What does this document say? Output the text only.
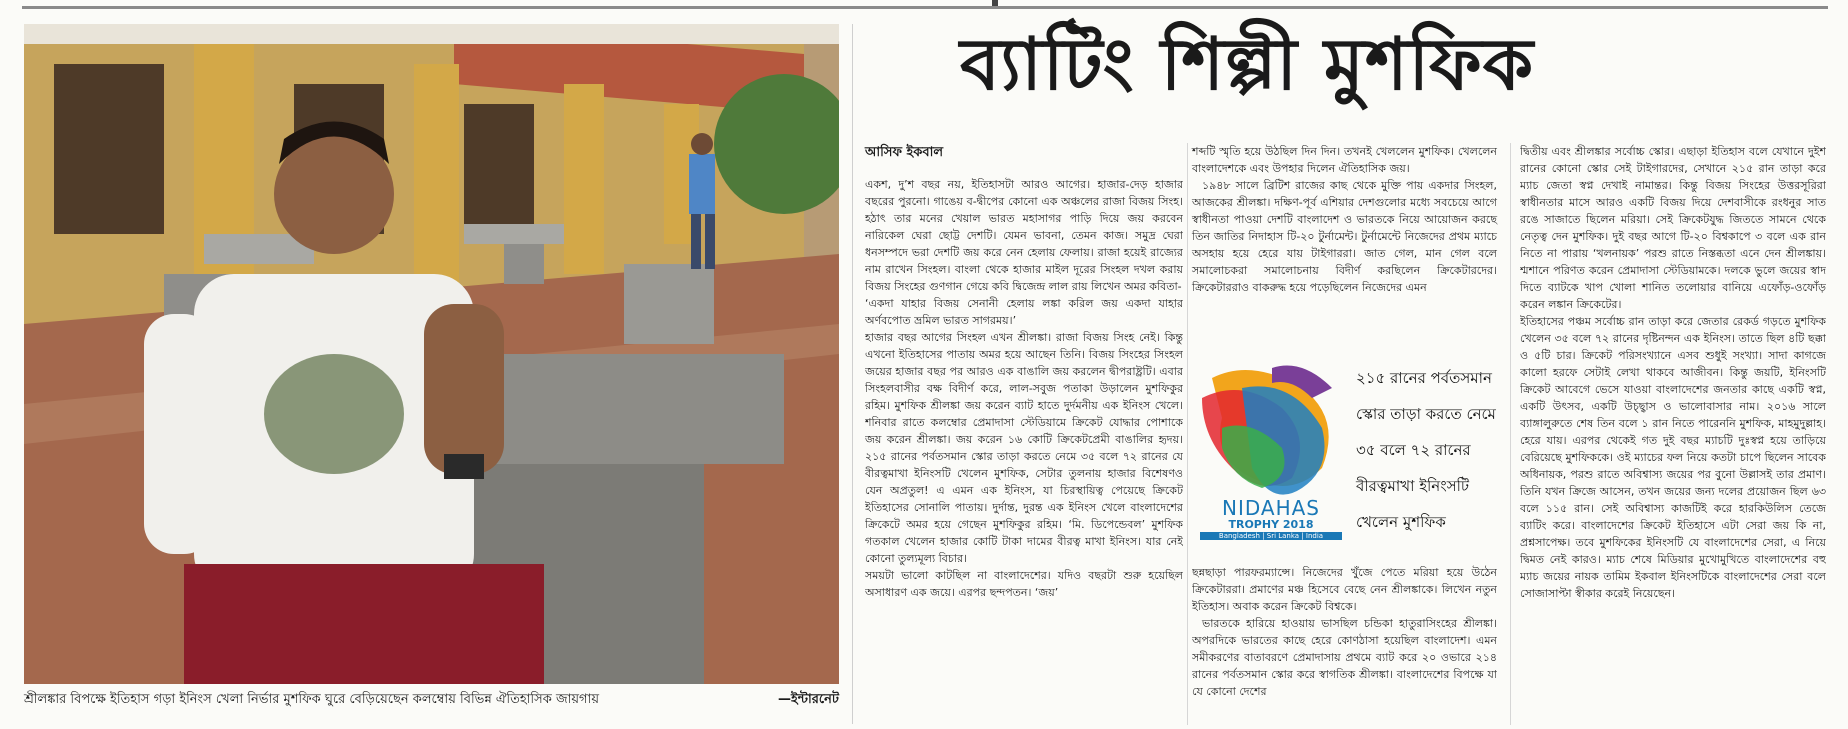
শ্রীলঙ্কার বিপক্ষে ইতিহাস গড়া ইনিংস খেলা নির্ভার মুশফিক ঘুরে বেড়িয়েছেন কলম্বোয় বিভিন্ন ঐতিহাসিক জায়গায়	—ইন্টারনেট
ব্যাটিং শিল্পী মুশফিক
আসিফ ইকবাল

একশ, দু’শ বছর নয়, ইতিহাসটা আরও আগের। হাজার-দেড় হাজার বছরের পুরনো। গাঙেয় ব-দ্বীপের কোনো এক অঞ্চলের রাজা বিজয় সিংহ। হঠাৎ তার মনের খেয়াল ভারত মহাসাগর পাড়ি দিয়ে জয় করবেন নারিকেল ঘেরা ছোট্ট দেশটি। যেমন ভাবনা, তেমন কাজ। সমুদ্র ঘেরা ধনসম্পদে ভরা দেশটি জয় করে নেন হেলায় ফেলায়। রাজা হয়েই রাজ্যের নাম রাখেন সিংহল। বাংলা থেকে হাজার মাইল দূরের সিংহল দখল করায় বিজয় সিংহের গুণগান গেয়ে কবি দ্বিজেন্দ্র লাল রায় লিখেন অমর কবিতা-

‘একদা যাহার বিজয় সেনানী হেলায় লঙ্কা করিল জয় একদা যাহার অর্ণবপোত ভ্রমিল ভারত সাগরময়।’

হাজার বছর আগের সিংহল এখন শ্রীলঙ্কা। রাজা বিজয় সিংহ নেই। কিন্তু এখনো ইতিহাসের পাতায় অমর হয়ে আছেন তিনি। বিজয় সিংহের সিংহল জয়ের হাজার বছর পর আরও এক বাঙালি জয় করলেন দ্বীপরাষ্ট্রটি। এবার সিংহলবাসীর বক্ষ বিদীর্ণ করে, লাল-সবুজ পতাকা উড়ালেন মুশফিকুর রহিম। মুশফিক শ্রীলঙ্কা জয় করেন ব্যাট হাতে দুর্দমনীয় এক ইনিংস খেলে। শনিবার রাতে কলম্বোর প্রেমাদাসা স্টেডিয়ামে ক্রিকেট যোদ্ধার পোশাকে জয় করেন শ্রীলঙ্কা। জয় করেন ১৬ কোটি ক্রিকেটপ্রেমী বাঙালির হৃদয়। ২১৫ রানের পর্বতসমান স্কোর তাড়া করতে নেমে ৩৫ বলে ৭২ রানের যে বীরত্বমাখা ইনিংসটি খেলেন মুশফিক, সেটার তুলনায় হাজার বিশেষণও যেন অপ্রতুল! এ এমন এক ইনিংস, যা চিরস্থায়িত্ব পেয়েছে ক্রিকেট ইতিহাসের সোনালি পাতায়। দুর্দান্ত, দুরন্ত এক ইনিংস খেলে বাংলাদেশের ক্রিকেটে অমর হয়ে গেছেন মুশফিকুর রহিম। ‘মি. ডিপেন্ডেবল’ মুশফিক গতকাল খেলেন হাজার কোটি টাকা দামের বীরত্ব মাখা ইনিংস। যার নেই কোনো তুল্যমূল্য বিচার।

সময়টা ভালো কাটছিল না বাংলাদেশের। যদিও বছরটা শুরু হয়েছিল অসাধারণ এক জয়ে। এরপর ছন্দপতন। ‘জয়’

শব্দটি স্মৃতি হয়ে উঠছিল দিন দিন। তখনই খেললেন মুশফিক। খেললেন বাংলাদেশকে এবং উপহার দিলেন ঐতিহাসিক জয়।

১৯৪৮ সালে ব্রিটিশ রাজের কাছ থেকে মুক্তি পায় একদার সিংহল, আজকের শ্রীলঙ্কা। দক্ষিণ-পূর্ব এশিয়ার দেশগুলোর মধ্যে সবচেয়ে আগে স্বাধীনতা পাওয়া দেশটি বাংলাদেশ ও ভারতকে নিয়ে আয়োজন করছে তিন জাতির নিদাহাস টি-২০ টুর্নামেন্ট। টুর্নামেন্টে নিজেদের প্রথম ম্যাচে অসহায় হয়ে হেরে যায় টাইগাররা। জাত গেল, মান গেল বলে সমালোচকরা সমালোচনায় বিদীর্ণ করছিলেন ক্রিকেটারদের। ক্রিকেটাররাও বাকরুদ্ধ হয়ে পড়েছিলেন নিজেদের এমন

NIDAHAS
TROPHY 2018
Bangladesh | Sri Lanka | India
২১৫ রানের পর্বতসমান স্কোর তাড়া করতে নেমে ৩৫ বলে ৭২ রানের বীরত্বমাখা ইনিংসটি খেলেন মুশফিক

ছন্নছাড়া পারফরম্যান্সে। নিজেদের খুঁজে পেতে মরিয়া হয়ে উঠেন ক্রিকেটাররা। প্রমাণের মঞ্চ হিসেবে বেছে নেন শ্রীলঙ্কাকে। লিখেন নতুন ইতিহাস। অবাক করেন ক্রিকেট বিশ্বকে।

ভারতকে হারিয়ে হাওয়ায় ভাসছিল চন্ডিকা হাতুরাসিংহের শ্রীলঙ্কা। অপরদিকে ভারতের কাছে হেরে কোণঠাসা হয়েছিল বাংলাদেশ। এমন সমীকরণের বাতাবরণে প্রেমাদাসায় প্রথমে ব্যাট করে ২০ ওভারে ২১৪ রানের পর্বতসমান স্কোর করে স্বাগতিক শ্রীলঙ্কা। বাংলাদেশের বিপক্ষে যা যে কোনো দেশের

দ্বিতীয় এবং শ্রীলঙ্কার সর্বোচ্চ স্কোর। এছাড়া ইতিহাস বলে যেখানে দুইশ রানের কোনো স্কোর সেই টাইগারদের, সেখানে ২১৫ রান তাড়া করে ম্যাচ জেতা স্বপ্ন দেখাই নামান্তর। কিন্তু বিজয় সিংহের উত্তরসূরিরা স্বাধীনতার মাসে আরও একটি বিজয় দিয়ে দেশবাসীকে রংধনুর সাত রঙে সাজাতে ছিলেন মরিয়া। সেই ক্রিকেটযুদ্ধ জিততে সামনে থেকে নেতৃত্ব দেন মুশফিক। দুই বছর আগে টি-২০ বিশ্বকাপে ৩ বলে এক রান নিতে না পারায় ‘খলনায়ক’ পরশু রাতে নিস্তব্ধতা এনে দেন শ্রীলঙ্কায়। শ্মশানে পরিণত করেন প্রেমাদাসা স্টেডিয়ামকে। দলকে ভুলে জয়ের স্বাদ দিতে ব্যাটকে খাপ খোলা শানিত তলোয়ার বানিয়ে এফোঁড়-ওফোঁড় করেন লঙ্কান ক্রিকেটের।

ইতিহাসের পঞ্চম সর্বোচ্চ রান তাড়া করে জেতার রেকর্ড গড়তে মুশফিক খেলেন ৩৫ বলে ৭২ রানের দৃষ্টিনন্দন এক ইনিংস। তাতে ছিল ৪টি ছক্কা ও ৫টি চার। ক্রিকেট পরিসংখ্যানে এসব শুধুই সংখ্যা। সাদা কাগজে কালো হরফে সেটাই লেখা থাকবে আজীবন। কিন্তু জয়টি, ইনিংসটি ক্রিকেট আবেগে ভেসে যাওয়া বাংলাদেশের জনতার কাছে একটি স্বপ্ন, একটি উৎসব, একটি উচ্ছ্বাস ও ভালোবাসার নাম। ২০১৬ সালে ব্যাঙ্গালুরুতে শেষ তিন বলে ১ রান নিতে পারেননি মুশফিক, মাহমুদুল্লাহ। হেরে যায়। এরপর থেকেই গত দুই বছর ম্যাচটি দুঃস্বপ্ন হয়ে তাড়িয়ে বেরিয়েছে মুশফিককে। ওই ম্যাচের ফল নিয়ে কতটা চাপে ছিলেন সাবেক অধিনায়ক, পরশু রাতে অবিশ্বাস্য জয়ের পর বুনো উল্লাসই তার প্রমাণ। তিনি যখন ক্রিজে আসেন, তখন জয়ের জন্য দলের প্রয়োজন ছিল ৬৩ বলে ১১৫ রান। সেই অবিশ্বাস্য কাজটিই করে হারকিউলিস তেজে ব্যাটিং করে। বাংলাদেশের ক্রিকেট ইতিহাসে এটা সেরা জয় কি না, প্রশ্নসাপেক্ষ। তবে মুশফিকের ইনিংসটি যে বাংলাদেশের সেরা, এ নিয়ে দ্বিমত নেই কারও। ম্যাচ শেষে মিডিয়ার মুখোমুখিতে বাংলাদেশের বহু ম্যাচ জয়ের নায়ক তামিম ইকবাল ইনিংসটিকে বাংলাদেশের সেরা বলে সোজাসাপ্টা স্বীকার করেই নিয়েছেন।
